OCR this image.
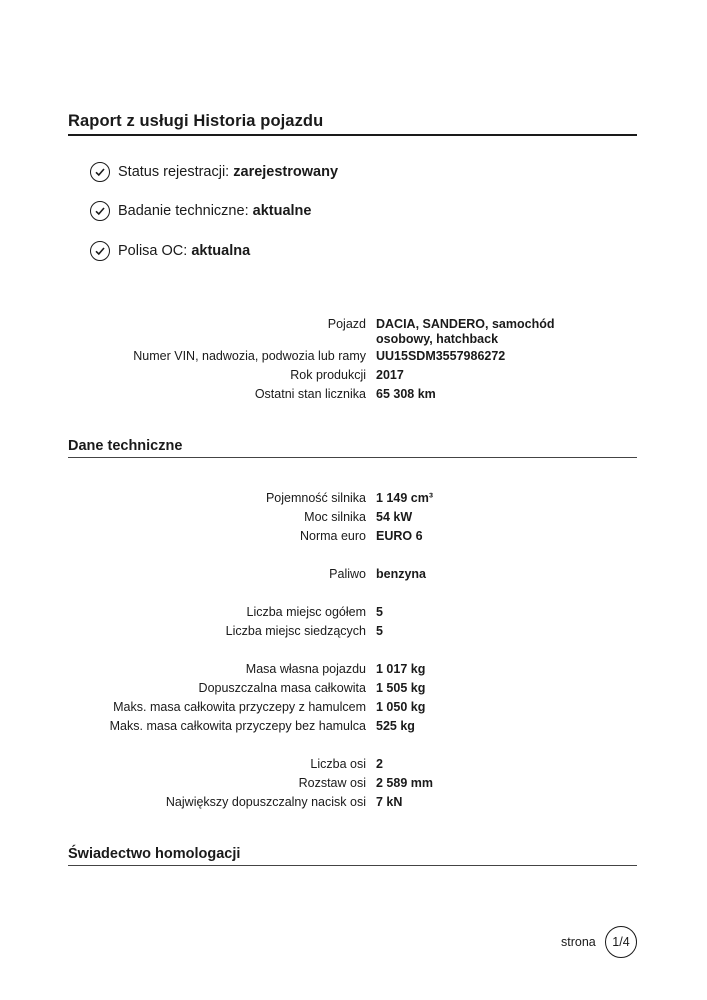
Raport z usługi Historia pojazdu
Status rejestracji: zarejestrowany
Badanie techniczne: aktualne
Polisa OC: aktualna
Pojazd DACIA, SANDERO, samochód osobowy, hatchback
Numer VIN, nadwozia, podwozia lub ramy UU15SDM3557986272
Rok produkcji 2017
Ostatni stan licznika 65 308 km
Dane techniczne
Pojemność silnika 1 149 cm³
Moc silnika 54 kW
Norma euro EURO 6
Paliwo benzyna
Liczba miejsc ogółem 5
Liczba miejsc siedzących 5
Masa własna pojazdu 1 017 kg
Dopuszczalna masa całkowita 1 505 kg
Maks. masa całkowita przyczepy z hamulcem 1 050 kg
Maks. masa całkowita przyczepy bez hamulca 525 kg
Liczba osi 2
Rozstaw osi 2 589 mm
Największy dopuszczalny nacisk osi 7 kN
Świadectwo homologacji
strona	1/4
